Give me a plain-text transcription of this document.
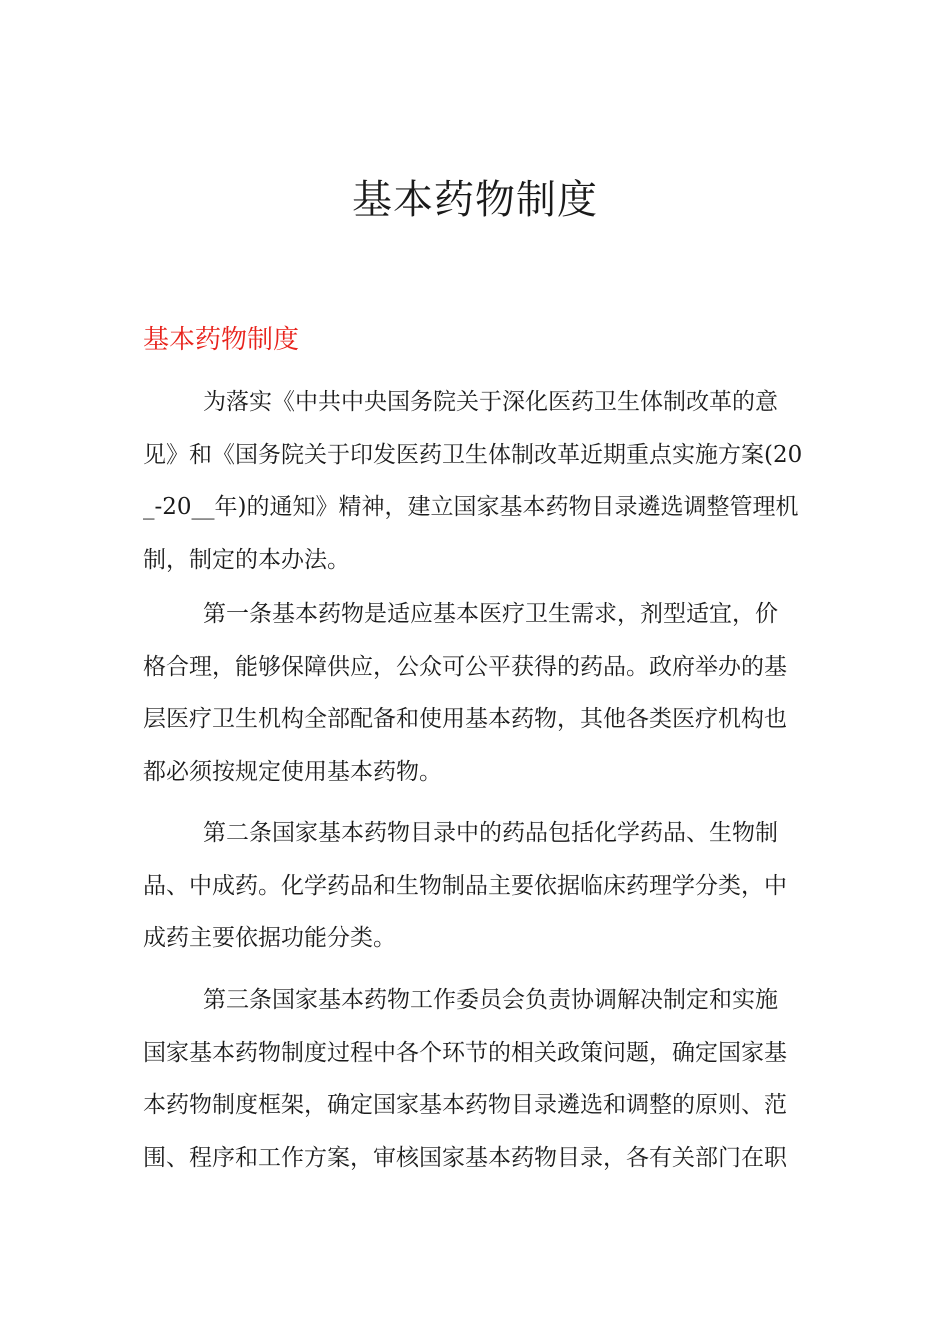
基本药物制度
基本药物制度
为落实《中共中央国务院关于深化医药卫生体制改革的意
见》和《国务院关于印发医药卫生体制改革近期重点实施方案(20
_-20__年)的通知》精神，建立国家基本药物目录遴选调整管理机
制，制定的本办法。
第一条基本药物是适应基本医疗卫生需求，剂型适宜，价
格合理，能够保障供应，公众可公平获得的药品。政府举办的基
层医疗卫生机构全部配备和使用基本药物，其他各类医疗机构也
都必须按规定使用基本药物。
第二条国家基本药物目录中的药品包括化学药品、生物制
品、中成药。化学药品和生物制品主要依据临床药理学分类，中
成药主要依据功能分类。
第三条国家基本药物工作委员会负责协调解决制定和实施
国家基本药物制度过程中各个环节的相关政策问题，确定国家基
本药物制度框架，确定国家基本药物目录遴选和调整的原则、范
围、程序和工作方案，审核国家基本药物目录，各有关部门在职
